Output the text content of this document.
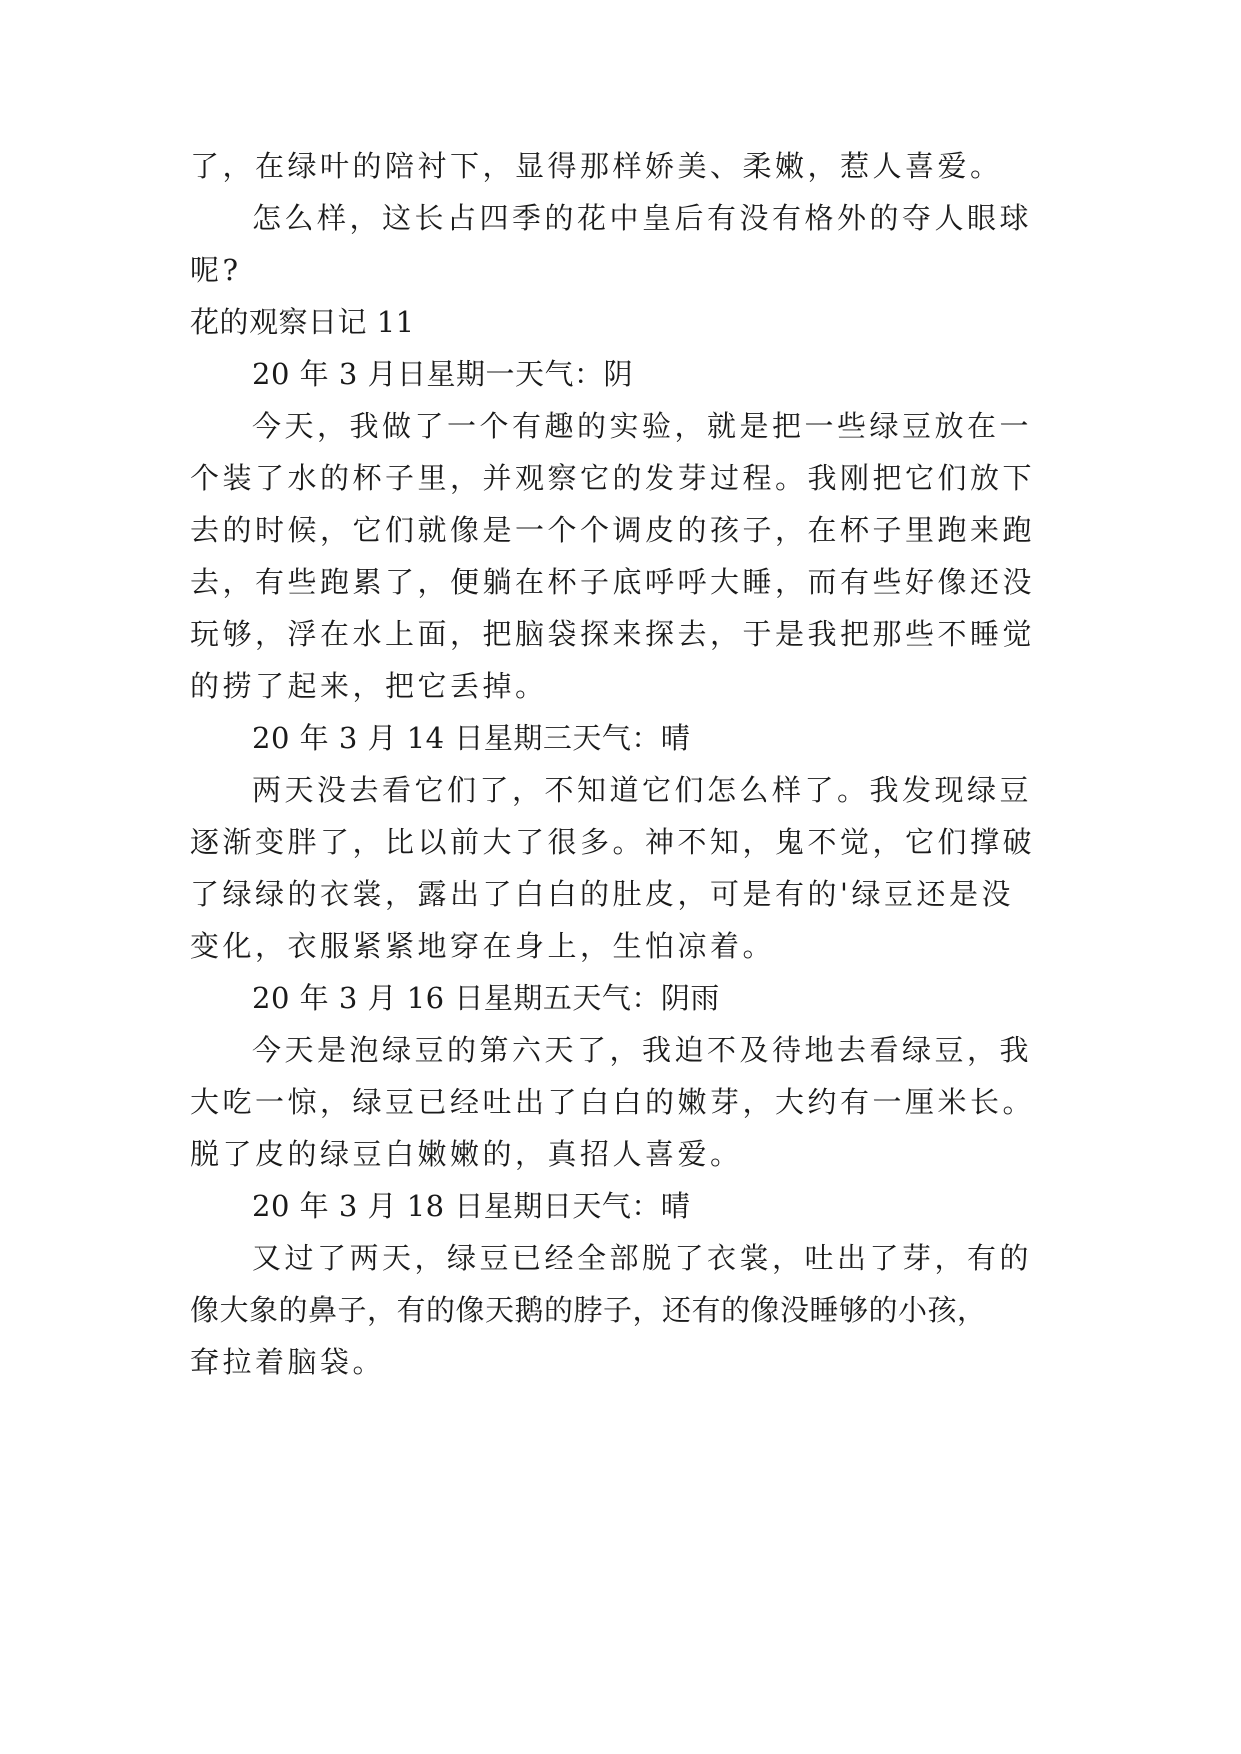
了，在绿叶的陪衬下，显得那样娇美、柔嫩，惹人喜爱。
怎么样，这长占四季的花中皇后有没有格外的夺人眼球
呢?
花的观察日记 11
20 年 3 月日星期一天气：阴
今天，我做了一个有趣的实验，就是把一些绿豆放在一
个装了水的杯子里，并观察它的发芽过程。我刚把它们放下
去的时候，它们就像是一个个调皮的孩子，在杯子里跑来跑
去，有些跑累了，便躺在杯子底呼呼大睡，而有些好像还没
玩够，浮在水上面，把脑袋探来探去，于是我把那些不睡觉
的捞了起来，把它丢掉。
20 年 3 月 14 日星期三天气：晴
两天没去看它们了，不知道它们怎么样了。我发现绿豆
逐渐变胖了，比以前大了很多。神不知，鬼不觉，它们撑破
了绿绿的衣裳，露出了白白的肚皮，可是有的'绿豆还是没
变化，衣服紧紧地穿在身上，生怕凉着。
20 年 3 月 16 日星期五天气：阴雨
今天是泡绿豆的第六天了，我迫不及待地去看绿豆，我
大吃一惊，绿豆已经吐出了白白的嫩芽，大约有一厘米长。
脱了皮的绿豆白嫩嫩的，真招人喜爱。
20 年 3 月 18 日星期日天气：晴
又过了两天，绿豆已经全部脱了衣裳，吐出了芽，有的
像大象的鼻子，有的像天鹅的脖子，还有的像没睡够的小孩，
耷拉着脑袋。
